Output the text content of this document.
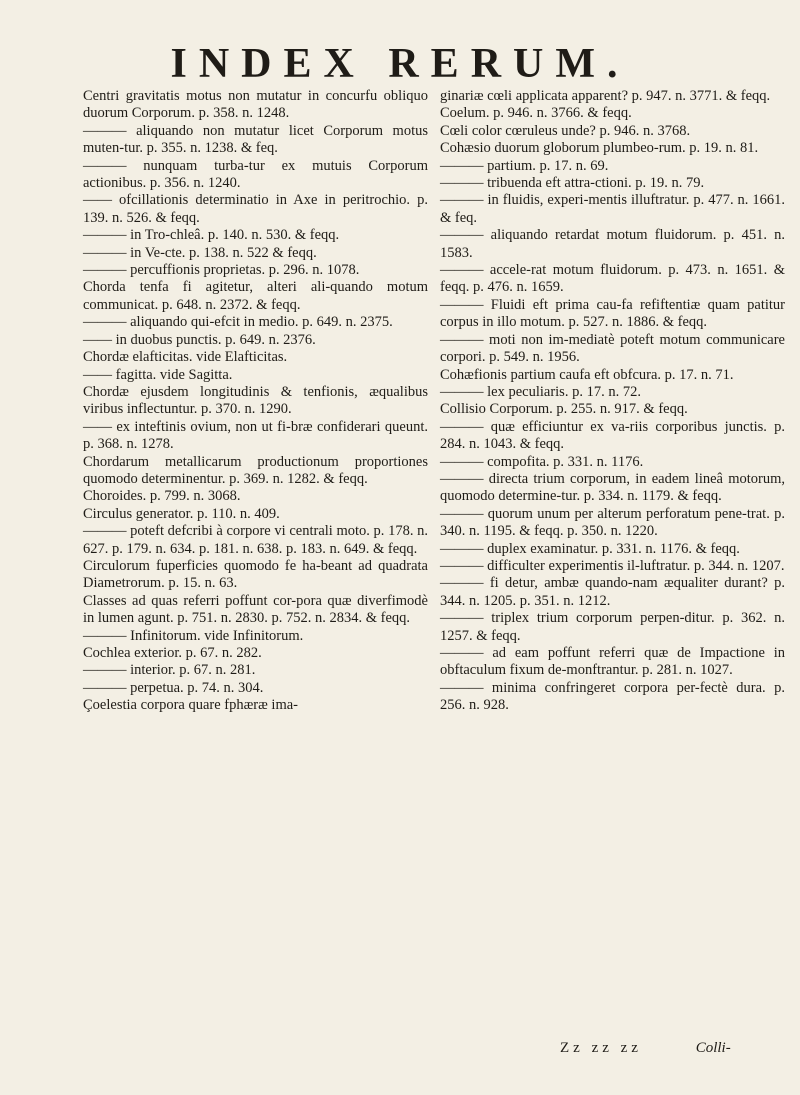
INDEX RERUM.

Centri gravitatis motus non mutatur in concurfu obliquo duorum Corporum. p. 358. n. 1248.

——— aliquando non mutatur licet Corporum motus muten-tur. p. 355. n. 1238. & feq.

——— nunquam turba-tur ex mutuis Corporum actionibus. p. 356. n. 1240.

—— ofcillationis determinatio in Axe in peritrochio. p. 139. n. 526. & feqq.

——— in Tro-chleâ. p. 140. n. 530. & feqq.

——— in Ve-cte. p. 138. n. 522 & feqq.

——— percuffionis proprietas. p. 296. n. 1078.

Chorda tenfa fi agitetur, alteri ali-quando motum communicat. p. 648. n. 2372. & feqq.

——— aliquando qui-efcit in medio. p. 649. n. 2375.

—— in duobus punctis. p. 649. n. 2376.

Chordæ elafticitas. vide Elafticitas.

—— fagitta. vide Sagitta.

Chordæ ejusdem longitudinis & tenfionis, æqualibus viribus inflectuntur. p. 370. n. 1290.

—— ex inteftinis ovium, non ut fi-bræ confiderari queunt. p. 368. n. 1278.

Chordarum metallicarum productionum proportiones quomodo determinentur. p. 369. n. 1282. & feqq.

Choroides. p. 799. n. 3068.

Circulus generator. p. 110. n. 409.

——— poteft defcribi à corpore vi centrali moto. p. 178. n. 627. p. 179. n. 634. p. 181. n. 638. p. 183. n. 649. & feqq.

Circulorum fuperficies quomodo fe ha-beant ad quadrata Diametrorum. p. 15. n. 63.

Classes ad quas referri poffunt cor-pora quæ diverfimodè in lumen agunt. p. 751. n. 2830. p. 752. n. 2834. & feqq.

——— Infinitorum. vide Infinitorum.

Cochlea exterior. p. 67. n. 282.

——— interior. p. 67. n. 281.

——— perpetua. p. 74. n. 304.

Çoelestia corpora quare fphæræ ima-

ginariæ cœli applicata apparent? p. 947. n. 3771. & feqq.

Coelum. p. 946. n. 3766. & feqq.

Cœli color cœruleus unde? p. 946. n. 3768.

Cohæsio duorum globorum plumbeo-rum. p. 19. n. 81.

——— partium. p. 17. n. 69.

——— tribuenda eft attra-ctioni. p. 19. n. 79.

——— in fluidis, experi-mentis illuftratur. p. 477. n. 1661. & feq.

——— aliquando retardat motum fluidorum. p. 451. n. 1583.

——— accele-rat motum fluidorum. p. 473. n. 1651. & feqq. p. 476. n. 1659.

——— Fluidi eft prima cau-fa refiftentiæ quam patitur corpus in illo motum. p. 527. n. 1886. & feqq.

——— moti non im-mediatè poteft motum communicare corpori. p. 549. n. 1956.

Cohæfionis partium caufa eft obfcura. p. 17. n. 71.

——— lex peculiaris. p. 17. n. 72.

Collisio Corporum. p. 255. n. 917. & feqq.

——— quæ efficiuntur ex va-riis corporibus junctis. p. 284. n. 1043. & feqq.

——— compofita. p. 331. n. 1176.

——— directa trium corporum, in eadem lineâ motorum, quomodo determine-tur. p. 334. n. 1179. & feqq.

——— quorum unum per alterum perforatum pene-trat. p. 340. n. 1195. & feqq. p. 350. n. 1220.

——— duplex examinatur. p. 331. n. 1176. & feqq.

——— difficulter experimentis il-luftratur. p. 344. n. 1207.

——— fi detur, ambæ quando-nam æqualiter durant? p. 344. n. 1205. p. 351. n. 1212.

——— triplex trium corporum perpen-ditur. p. 362. n. 1257. & feqq.

——— ad eam poffunt referri quæ de Impactione in obftaculum fixum de-monftrantur. p. 281. n. 1027.

——— minima confringeret corpora per-fectè dura. p. 256. n. 928.

Zz zz zz	Colli-
